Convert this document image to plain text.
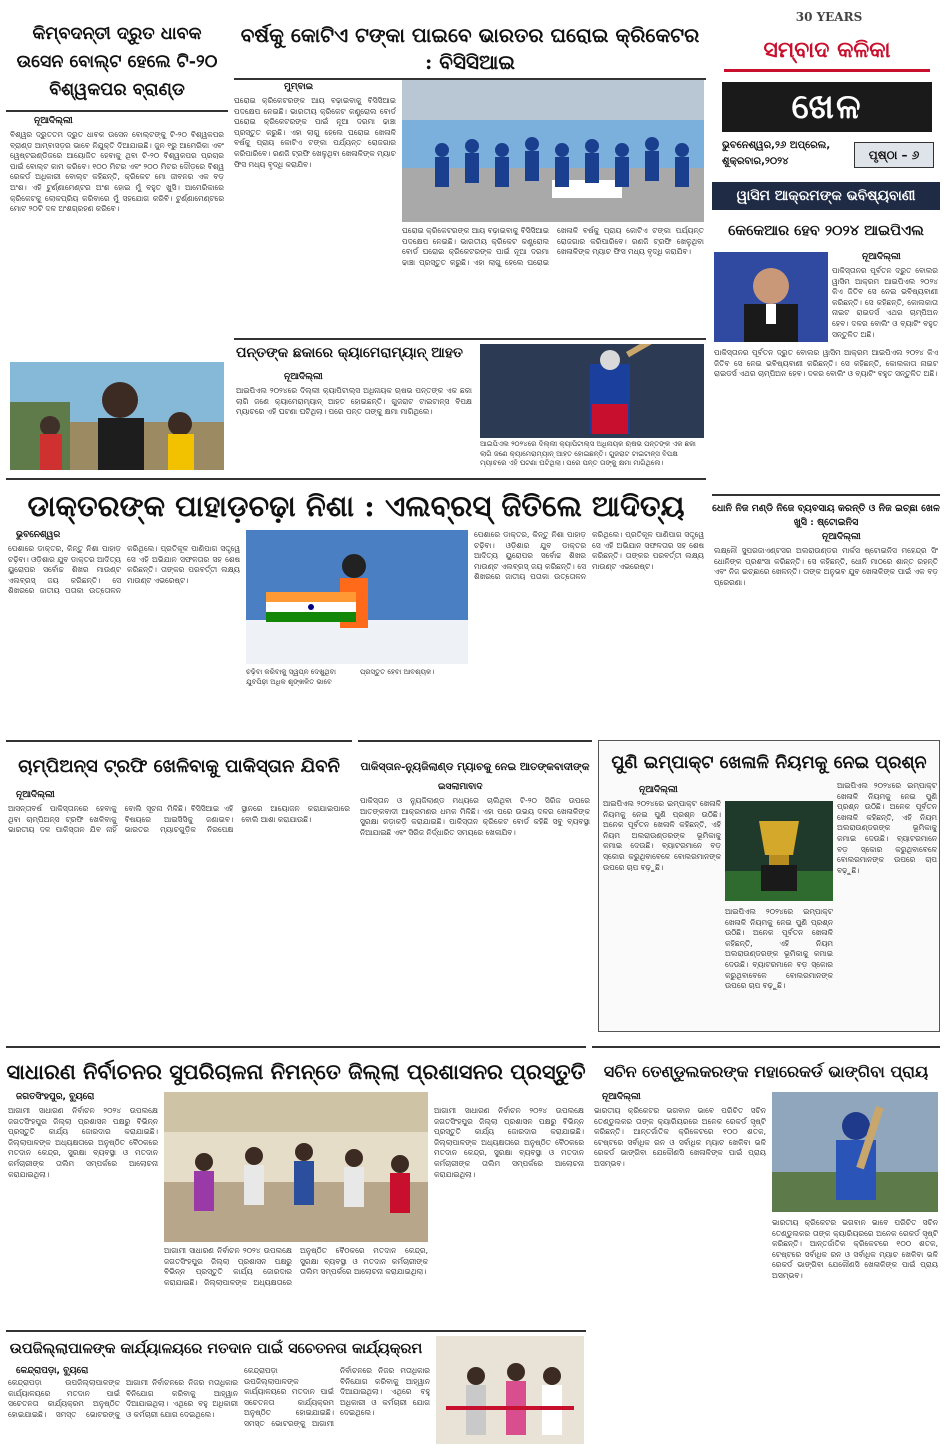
କିମ୍ବଦନ୍ତୀ ଦ୍ରୁତ ଧାବକ ଉସେନ ବୋଲ୍ଟ ହେଲେ ଟି-୨୦ ବିଶ୍ୱକପର ବ୍ରାଣ୍ଡ
ନୂଆଦିଲ୍ଲୀ
ବିଶ୍ୱର ଦ୍ରୁତତମ ଦ୍ରୁତ ଧାବକ ଉସେନ ବୋଲ୍ଟଙ୍କୁ ଟି-୨୦ ବିଶ୍ୱକପର ବ୍ରାଣ୍ଡ ଆମ୍ବାସଡ଼ର ଭାବେ ନିଯୁକ୍ତି ଦିଆଯାଇଛି। ଜୁନ ୧ରୁ ଆମେରିକା ଏବଂ ୱେଷ୍ଟଇଣ୍ଡିଜରେ ଆୟୋଜିତ ହେବାକୁ ଥିବା ଟି-୨୦ ବିଶ୍ୱକପର ପ୍ରଚାର ପାଇଁ ବୋଲ୍ଟ କାମ କରିବେ। ୧୦୦ ମିଟର ଏବଂ ୨୦୦ ମିଟର ଦୌଡ଼ରେ ବିଶ୍ୱ ରେକର୍ଡ ଅଧିକାରୀ ବୋଲ୍ଟ କହିଛନ୍ତି, କ୍ରିକେଟ ମୋ ଜୀବନର ଏକ ବଡ଼ ଅଂଶ। ଏହି ଟୁର୍ଣ୍ଣାମେଣ୍ଟର ଅଂଶ ହୋଇ ମୁଁ ବହୁତ ଖୁସି। ଆମେରିକାରେ କ୍ରିକେଟକୁ ଲୋକପ୍ରିୟ କରିବାରେ ମୁଁ ସହଯୋଗ କରିବି। ଟୁର୍ଣ୍ଣାମେଣ୍ଟରେ ମୋଟ ୨୦ଟି ଦଳ ଅଂଶଗ୍ରହଣ କରିବେ।
ବର୍ଷକୁ କୋଟିଏ ଟଙ୍କା ପାଇବେ ଭାରତର ଘରୋଇ କ୍ରିକେଟର : ବିସିସିଆଇ
ମୁମ୍ବାଇ
ଘରୋଇ କ୍ରିକେଟରଙ୍କ ଆୟ ବଢ଼ାଇବାକୁ ବିସିସିଆଇ ପଦକ୍ଷେପ ନେଇଛି। ଭାରତୀୟ କ୍ରିକେଟ କଣ୍ଟ୍ରୋଲ ବୋର୍ଡ ଘରୋଇ କ୍ରିକେଟରଙ୍କ ପାଇଁ ନୂଆ ଦରମା ଢାଞ୍ଚା ପ୍ରସ୍ତୁତ କରୁଛି। ଏହା ଲାଗୁ ହେଲେ ଘରୋଇ ଖେଳାଳି ବର୍ଷକୁ ପ୍ରାୟ କୋଟିଏ ଟଙ୍କା ପର୍ଯ୍ୟନ୍ତ ରୋଜଗାର କରିପାରିବେ। ରଣଜି ଟ୍ରଫି ଖେଳୁଥିବା ଖେଳାଳିଙ୍କ ମ୍ୟାଚ ଫିସ ମଧ୍ୟ ବୃଦ୍ଧି କରାଯିବ।
ଘରୋଇ କ୍ରିକେଟରଙ୍କ ଆୟ ବଢ଼ାଇବାକୁ ବିସିସିଆଇ ପଦକ୍ଷେପ ନେଇଛି। ଭାରତୀୟ କ୍ରିକେଟ କଣ୍ଟ୍ରୋଲ ବୋର୍ଡ ଘରୋଇ କ୍ରିକେଟରଙ୍କ ପାଇଁ ନୂଆ ଦରମା ଢାଞ୍ଚା ପ୍ରସ୍ତୁତ କରୁଛି। ଏହା ଲାଗୁ ହେଲେ ଘରୋଇ ଖେଳାଳି ବର୍ଷକୁ ପ୍ରାୟ କୋଟିଏ ଟଙ୍କା ପର୍ଯ୍ୟନ୍ତ ରୋଜଗାର କରିପାରିବେ। ରଣଜି ଟ୍ରଫି ଖେଳୁଥିବା ଖେଳାଳିଙ୍କ ମ୍ୟାଚ ଫିସ ମଧ୍ୟ ବୃଦ୍ଧି କରାଯିବ।
ପନ୍ତଙ୍କ ଛକାରେ କ୍ୟାମେରାମ୍ୟାନ୍ ଆହତ
ନୂଆଦିଲ୍ଲୀ
ଆଇପିଏଲ ୨୦୨୪ରେ ଦିଲ୍ଲୀ କ୍ୟାପିଟାଲ୍ସ ଅଧିନାୟକ ଋଷଭ ପନ୍ତଙ୍କ ଏକ ଛକା ଲାଗି ଜଣେ କ୍ୟାମେରାମ୍ୟାନ୍ ଆହତ ହୋଇଛନ୍ତି। ଗୁଜରାଟ ଟାଇଟାନ୍ସ ବିପକ୍ଷ ମ୍ୟାଚରେ ଏହି ଘଟଣା ଘଟିଥିଲା। ପରେ ପନ୍ତ ତାଙ୍କୁ କ୍ଷମା ମାଗିଥିଲେ।
ଆଇପିଏଲ ୨୦୨୪ରେ ଦିଲ୍ଲୀ କ୍ୟାପିଟାଲ୍ସ ଅଧିନାୟକ ଋଷଭ ପନ୍ତଙ୍କ ଏକ ଛକା ଲାଗି ଜଣେ କ୍ୟାମେରାମ୍ୟାନ୍ ଆହତ ହୋଇଛନ୍ତି। ଗୁଜରାଟ ଟାଇଟାନ୍ସ ବିପକ୍ଷ ମ୍ୟାଚରେ ଏହି ଘଟଣା ଘଟିଥିଲା। ପରେ ପନ୍ତ ତାଙ୍କୁ କ୍ଷମା ମାଗିଥିଲେ।
30 YEARS
ସମ୍ବାଦ କଳିକା
ଖେଳ
ଭୁବନେଶ୍ୱର,୨୬ ଅପ୍ରେଲ,
ଶୁକ୍ରବାର,୨୦୨୪	ପୃଷ୍ଠା – ୬
ୱାସିମ ଆକ୍ରମଙ୍କ ଭବିଷ୍ୟବାଣୀ
କେକେଆର ହେବ ୨୦୨୪ ଆଇପିଏଲ
ନୂଆଦିଲ୍ଲୀ
ପାକିସ୍ତାନର ପୂର୍ବତନ ଦ୍ରୁତ ବୋଲର ୱାସିମ ଆକ୍ରମ ଆଇପିଏଲ ୨୦୨୪ କିଏ ଜିତିବ ସେ ନେଇ ଭବିଷ୍ୟବାଣୀ କରିଛନ୍ତି। ସେ କହିଛନ୍ତି, କୋଲକାତା ନାଇଟ ରାଇଡର୍ସ ଏଥର ଚାମ୍ପିଅନ ହେବ। ଦଳର ବୋଲିଂ ଓ ବ୍ୟାଟିଂ ବହୁତ ସନ୍ତୁଳିତ ଅଛି।
ପାକିସ୍ତାନର ପୂର୍ବତନ ଦ୍ରୁତ ବୋଲର ୱାସିମ ଆକ୍ରମ ଆଇପିଏଲ ୨୦୨୪ କିଏ ଜିତିବ ସେ ନେଇ ଭବିଷ୍ୟବାଣୀ କରିଛନ୍ତି। ସେ କହିଛନ୍ତି, କୋଲକାତା ନାଇଟ ରାଇଡର୍ସ ଏଥର ଚାମ୍ପିଅନ ହେବ। ଦଳର ବୋଲିଂ ଓ ବ୍ୟାଟିଂ ବହୁତ ସନ୍ତୁଳିତ ଅଛି।
ଡାକ୍ତରଙ୍କ ପାହାଡ଼ଚଢ଼ା ନିଶା : ଏଲବ୍ରସ୍ ଜିତିଲେ ଆଦିତ୍ୟ
ଭୁବନେଶ୍ୱର
ପେଶାରେ ଡାକ୍ତର, କିନ୍ତୁ ନିଶା ପାହାଡ଼ ଚଢ଼ିବା। ଓଡ଼ିଶାର ଯୁବ ଡାକ୍ତର ଆଦିତ୍ୟ ୟୁରୋପର ସର୍ବୋଚ୍ଚ ଶିଖର ମାଉଣ୍ଟ ଏଲବ୍ରସ୍ ଜୟ କରିଛନ୍ତି। ସେ ଶିଖରରେ ଜାତୀୟ ପତାକା ଉତ୍ତୋଳନ କରିଥିଲେ। ପ୍ରତିକୂଳ ପାଣିପାଗ ସତ୍ତ୍ୱେ ସେ ଏହି ଅଭିଯାନ ସଫଳତାର ସହ ଶେଷ କରିଛନ୍ତି। ତାଙ୍କର ପରବର୍ତ୍ତୀ ଲକ୍ଷ୍ୟ ମାଉଣ୍ଟ ଏଭରେଷ୍ଟ।
ଚଢ଼ିବା କରିବାକୁ ସ୍ୱପ୍ନ ଦେଖୁଥିବା ଯୁବପିଢ଼ୀ ଅଧିକ ଶୃଙ୍ଖଳିତ ଭାବେ ପ୍ରସ୍ତୁତ ହେବା ଆବଶ୍ୟକ।
ପେଶାରେ ଡାକ୍ତର, କିନ୍ତୁ ନିଶା ପାହାଡ଼ ଚଢ଼ିବା। ଓଡ଼ିଶାର ଯୁବ ଡାକ୍ତର ଆଦିତ୍ୟ ୟୁରୋପର ସର୍ବୋଚ୍ଚ ଶିଖର ମାଉଣ୍ଟ ଏଲବ୍ରସ୍ ଜୟ କରିଛନ୍ତି। ସେ ଶିଖରରେ ଜାତୀୟ ପତାକା ଉତ୍ତୋଳନ କରିଥିଲେ। ପ୍ରତିକୂଳ ପାଣିପାଗ ସତ୍ତ୍ୱେ ସେ ଏହି ଅଭିଯାନ ସଫଳତାର ସହ ଶେଷ କରିଛନ୍ତି। ତାଙ୍କର ପରବର୍ତ୍ତୀ ଲକ୍ଷ୍ୟ ମାଉଣ୍ଟ ଏଭରେଷ୍ଟ।
ଧୋନି ନିଜ ମଣ୍ଡି ନିଜେ ବ୍ୟବସାୟ କରନ୍ତି ଓ ନିଜ ଇଚ୍ଛା ଖେଳ ଖୁସି : ଷ୍ଟୋଇନିସ
ନୂଆଦିଲ୍ଲୀ
ଲକ୍ଷ୍ନୌ ସୁପରଜାଏଣ୍ଟସର ଅଲରାଉଣ୍ଡର ମାର୍କସ ଷ୍ଟୋଇନିସ ମହେନ୍ଦ୍ର ସିଂ ଧୋନିଙ୍କ ପ୍ରଶଂସା କରିଛନ୍ତି। ସେ କହିଛନ୍ତି, ଧୋନି ମାଠରେ ଶାନ୍ତ ରହନ୍ତି ଏବଂ ନିଜ ଇଚ୍ଛାରେ ଖେଳନ୍ତି। ତାଙ୍କ ଅନୁଭବ ଯୁବ ଖେଳାଳିଙ୍କ ପାଇଁ ଏକ ବଡ଼ ପ୍ରେରଣା।
ଚାମ୍ପିଅନ୍ସ ଟ୍ରଫି ଖେଳିବାକୁ ପାକିସ୍ତାନ ଯିବନି
ନୂଆଦିଲ୍ଲୀ
ଆସନ୍ତାବର୍ଷ ପାକିସ୍ତାନରେ ହେବାକୁ ଥିବା ଚାମ୍ପିଅନ୍ସ ଟ୍ରଫି ଖେଳିବାକୁ ଭାରତୀୟ ଦଳ ପାକିସ୍ତାନ ଯିବ ନାହିଁ ବୋଲି ସୂଚନା ମିଳିଛି। ବିସିସିଆଇ ଏହି ବିଷୟରେ ଆଇସିସିକୁ ଜଣାଇବ। ଭାରତର ମ୍ୟାଚଗୁଡ଼ିକ ନିରପେକ୍ଷ ସ୍ଥାନରେ ଆୟୋଜନ କରାଯାଇପାରେ ବୋଲି ଆଶା କରାଯାଉଛି।
ପାକିସ୍ତାନ-ନ୍ୟୁଜିଲାଣ୍ଡ ମ୍ୟାଚକୁ ନେଇ ଆତଙ୍କବାଦୀଙ୍କ
ଇସଲାମାବାଦ
ପାକିସ୍ତାନ ଓ ନ୍ୟୁଜିଲାଣ୍ଡ ମଧ୍ୟରେ ଚାଲିଥିବା ଟି-୨୦ ସିରିଜ ଉପରେ ଆତଙ୍କବାଦୀ ଆକ୍ରମଣର ଧମକ ମିଳିଛି। ଏହା ପରେ ଉଭୟ ଦଳର ଖେଳାଳିଙ୍କ ସୁରକ୍ଷା କଡ଼ାକଡ଼ି କରାଯାଇଛି। ପାକିସ୍ତାନ କ୍ରିକେଟ ବୋର୍ଡ କହିଛି ସବୁ ବ୍ୟବସ୍ଥା ନିଆଯାଇଛି ଏବଂ ସିରିଜ ନିର୍ଦ୍ଧାରିତ ସମୟରେ ଖେଳାଯିବ।
ପୁଣି ଇମ୍ପାକ୍ଟ ଖେଳାଳି ନିୟମକୁ ନେଇ ପ୍ରଶ୍ନ
ନୂଆଦିଲ୍ଲୀ
ଆଇପିଏଲ ୨୦୨୪ରେ ଇମ୍ପାକ୍ଟ ଖେଳାଳି ନିୟମକୁ ନେଇ ପୁଣି ପ୍ରଶ୍ନ ଉଠିଛି। ଅନେକ ପୂର୍ବତନ ଖେଳାଳି କହିଛନ୍ତି, ଏହି ନିୟମ ଅଲରାଉଣ୍ଡରଙ୍କ ଭୂମିକାକୁ କମାଇ ଦେଉଛି। ବ୍ୟାଟରମାନେ ବଡ଼ ସ୍କୋର କରୁଥିବାବେଳେ ବୋଲରମାନଙ୍କ ଉପରେ ଚାପ ବଢ଼ୁଛି।
ଆଇପିଏଲ ୨୦୨୪ରେ ଇମ୍ପାକ୍ଟ ଖେଳାଳି ନିୟମକୁ ନେଇ ପୁଣି ପ୍ରଶ୍ନ ଉଠିଛି। ଅନେକ ପୂର୍ବତନ ଖେଳାଳି କହିଛନ୍ତି, ଏହି ନିୟମ ଅଲରାଉଣ୍ଡରଙ୍କ ଭୂମିକାକୁ କମାଇ ଦେଉଛି। ବ୍ୟାଟରମାନେ ବଡ଼ ସ୍କୋର କରୁଥିବାବେଳେ ବୋଲରମାନଙ୍କ ଉପରେ ଚାପ ବଢ଼ୁଛି।
ଆଇପିଏଲ ୨୦୨୪ରେ ଇମ୍ପାକ୍ଟ ଖେଳାଳି ନିୟମକୁ ନେଇ ପୁଣି ପ୍ରଶ୍ନ ଉଠିଛି। ଅନେକ ପୂର୍ବତନ ଖେଳାଳି କହିଛନ୍ତି, ଏହି ନିୟମ ଅଲରାଉଣ୍ଡରଙ୍କ ଭୂମିକାକୁ କମାଇ ଦେଉଛି। ବ୍ୟାଟରମାନେ ବଡ଼ ସ୍କୋର କରୁଥିବାବେଳେ ବୋଲରମାନଙ୍କ ଉପରେ ଚାପ ବଢ଼ୁଛି।
ସାଧାରଣ ନିର୍ବାଚନର ସୁପରିଚାଳନା ନିମନ୍ତେ ଜିଲ୍ଲା ପ୍ରଶାସନର ପ୍ରସ୍ତୁତି
ଜଗତସିଂହପୁର, ବ୍ୟୁରୋ
ଆଗାମୀ ସାଧାରଣ ନିର୍ବାଚନ ୨୦୨୪ ଉପଲକ୍ଷେ ଜଗତସିଂହପୁର ଜିଲ୍ଲା ପ୍ରଶାସନ ପକ୍ଷରୁ ବିଭିନ୍ନ ପ୍ରସ୍ତୁତି କାର୍ଯ୍ୟ ଜୋରଦାର କରାଯାଇଛି। ଜିଲ୍ଲାପାଳଙ୍କ ଅଧ୍ୟକ୍ଷତାରେ ଅନୁଷ୍ଠିତ ବୈଠକରେ ମତଦାନ କେନ୍ଦ୍ର, ସୁରକ୍ଷା ବ୍ୟବସ୍ଥା ଓ ମତଦାନ କର୍ମଚାରୀଙ୍କ ତାଲିମ ସମ୍ପର୍କରେ ଆଲୋଚନା କରାଯାଇଥିଲା।
ଆଗାମୀ ସାଧାରଣ ନିର୍ବାଚନ ୨୦୨୪ ଉପଲକ୍ଷେ ଜଗତସିଂହପୁର ଜିଲ୍ଲା ପ୍ରଶାସନ ପକ୍ଷରୁ ବିଭିନ୍ନ ପ୍ରସ୍ତୁତି କାର୍ଯ୍ୟ ଜୋରଦାର କରାଯାଇଛି। ଜିଲ୍ଲାପାଳଙ୍କ ଅଧ୍ୟକ୍ଷତାରେ ଅନୁଷ୍ଠିତ ବୈଠକରେ ମତଦାନ କେନ୍ଦ୍ର, ସୁରକ୍ଷା ବ୍ୟବସ୍ଥା ଓ ମତଦାନ କର୍ମଚାରୀଙ୍କ ତାଲିମ ସମ୍ପର୍କରେ ଆଲୋଚନା କରାଯାଇଥିଲା।
ଆଗାମୀ ସାଧାରଣ ନିର୍ବାଚନ ୨୦୨୪ ଉପଲକ୍ଷେ ଜଗତସିଂହପୁର ଜିଲ୍ଲା ପ୍ରଶାସନ ପକ୍ଷରୁ ବିଭିନ୍ନ ପ୍ରସ୍ତୁତି କାର୍ଯ୍ୟ ଜୋରଦାର କରାଯାଇଛି। ଜିଲ୍ଲାପାଳଙ୍କ ଅଧ୍ୟକ୍ଷତାରେ ଅନୁଷ୍ଠିତ ବୈଠକରେ ମତଦାନ କେନ୍ଦ୍ର, ସୁରକ୍ଷା ବ୍ୟବସ୍ଥା ଓ ମତଦାନ କର୍ମଚାରୀଙ୍କ ତାଲିମ ସମ୍ପର୍କରେ ଆଲୋଚନା କରାଯାଇଥିଲା।
ସଚିନ ତେଣ୍ଡୁଲକରଙ୍କ ମହାରେକର୍ଡ ଭାଙ୍ଗିବା ପ୍ରାୟ
ନୂଆଦିଲ୍ଲୀ
ଭାରତୀୟ କ୍ରିକେଟର ଭଗବାନ ଭାବେ ପରିଚିତ ସଚିନ ତେଣ୍ଡୁଲକର ତାଙ୍କ କ୍ୟାରିୟରରେ ଅନେକ ରେକର୍ଡ ସୃଷ୍ଟି କରିଛନ୍ତି। ଆନ୍ତର୍ଜାତିକ କ୍ରିକେଟରେ ୧୦୦ ଶତକ, ଟେଷ୍ଟରେ ସର୍ବାଧିକ ରନ ଓ ସର୍ବାଧିକ ମ୍ୟାଚ ଖେଳିବା ଭଳି ରେକର୍ଡ ଭାଙ୍ଗିବା ଯେକୌଣସି ଖେଳାଳିଙ୍କ ପାଇଁ ପ୍ରାୟ ଅସମ୍ଭବ।
ଭାରତୀୟ କ୍ରିକେଟର ଭଗବାନ ଭାବେ ପରିଚିତ ସଚିନ ତେଣ୍ଡୁଲକର ତାଙ୍କ କ୍ୟାରିୟରରେ ଅନେକ ରେକର୍ଡ ସୃଷ୍ଟି କରିଛନ୍ତି। ଆନ୍ତର୍ଜାତିକ କ୍ରିକେଟରେ ୧୦୦ ଶତକ, ଟେଷ୍ଟରେ ସର୍ବାଧିକ ରନ ଓ ସର୍ବାଧିକ ମ୍ୟାଚ ଖେଳିବା ଭଳି ରେକର୍ଡ ଭାଙ୍ଗିବା ଯେକୌଣସି ଖେଳାଳିଙ୍କ ପାଇଁ ପ୍ରାୟ ଅସମ୍ଭବ।
ଉପଜିଲ୍ଲାପାଳଙ୍କ କାର୍ଯ୍ୟାଳୟରେ ମତଦାନ ପାଇଁ ସଚେତନତା କାର୍ଯ୍ୟକ୍ରମ
କେନ୍ଦ୍ରାପଡ଼ା, ବ୍ୟୁରୋ
କେନ୍ଦ୍ରାପଡ଼ା ଉପଜିଲ୍ଲାପାଳଙ୍କ କାର୍ଯ୍ୟାଳୟରେ ମତଦାନ ପାଇଁ ସଚେତନତା କାର୍ଯ୍ୟକ୍ରମ ଅନୁଷ୍ଠିତ ହୋଇଯାଇଛି। ସମସ୍ତ ଭୋଟରଙ୍କୁ ଆଗାମୀ ନିର୍ବାଚନରେ ନିଜର ମତାଧିକାର ବିନିଯୋଗ କରିବାକୁ ଆହ୍ୱାନ ଦିଆଯାଇଥିଲା। ଏଥିରେ ବହୁ ଅଧିକାରୀ ଓ କର୍ମଚାରୀ ଯୋଗ ଦେଇଥିଲେ।
କେନ୍ଦ୍ରାପଡ଼ା ଉପଜିଲ୍ଲାପାଳଙ୍କ କାର୍ଯ୍ୟାଳୟରେ ମତଦାନ ପାଇଁ ସଚେତନତା କାର୍ଯ୍ୟକ୍ରମ ଅନୁଷ୍ଠିତ ହୋଇଯାଇଛି। ସମସ୍ତ ଭୋଟରଙ୍କୁ ଆଗାମୀ ନିର୍ବାଚନରେ ନିଜର ମତାଧିକାର ବିନିଯୋଗ କରିବାକୁ ଆହ୍ୱାନ ଦିଆଯାଇଥିଲା। ଏଥିରେ ବହୁ ଅଧିକାରୀ ଓ କର୍ମଚାରୀ ଯୋଗ ଦେଇଥିଲେ।
